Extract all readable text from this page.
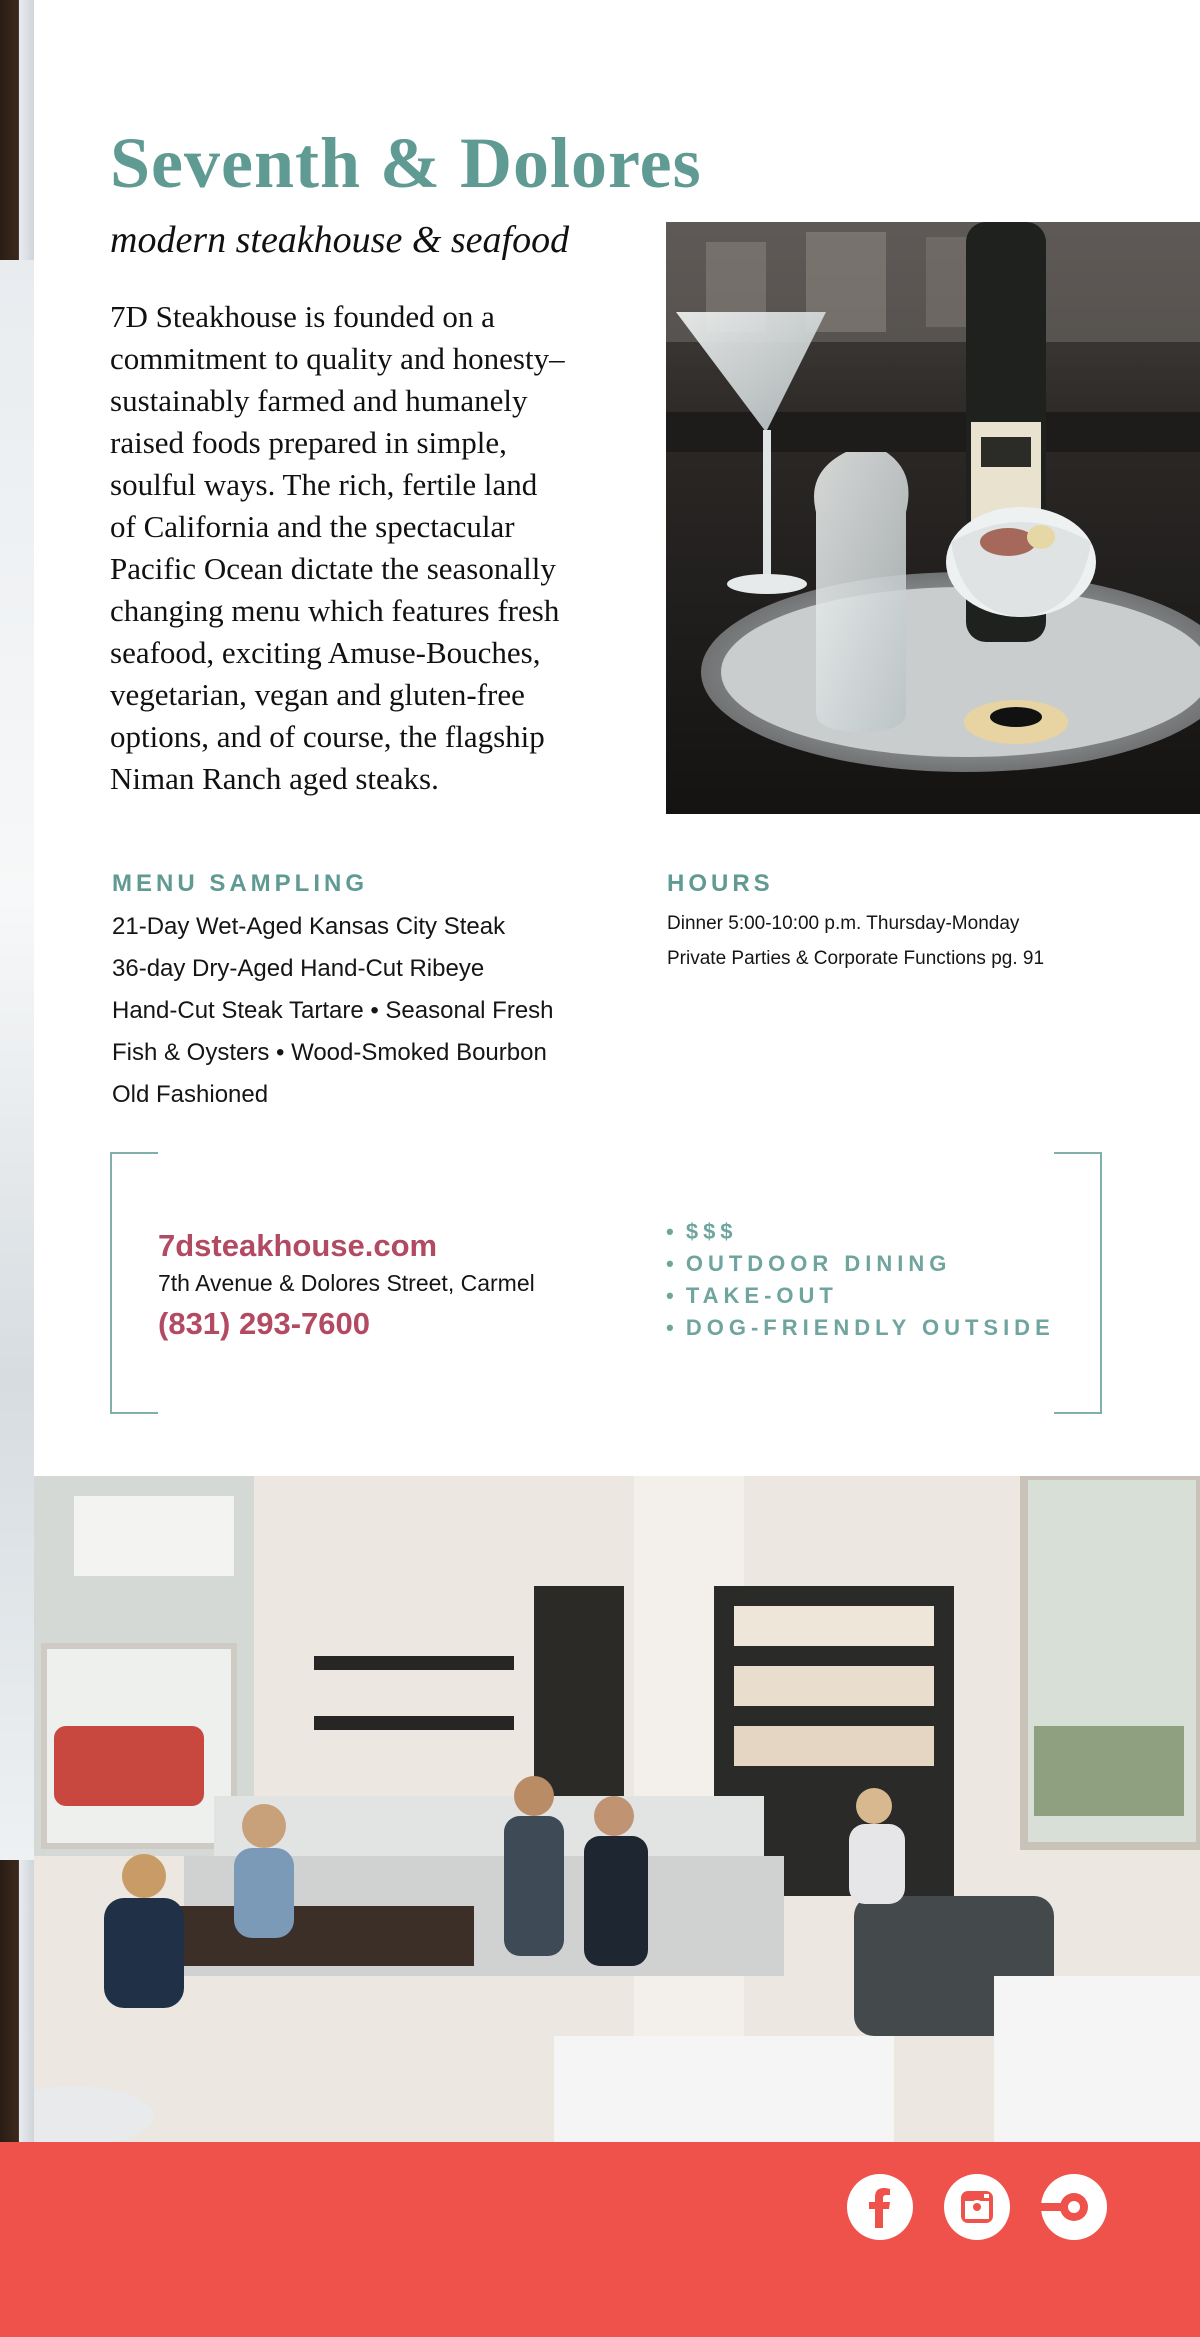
Seventh & Dolores
modern steakhouse & seafood
7D Steakhouse is founded on a
commitment to quality and honesty–
sustainably farmed and humanely
raised foods prepared in simple,
soulful ways. The rich, fertile land
of California and the spectacular
Pacific Ocean dictate the seasonally
changing menu which features fresh
seafood, exciting Amuse-Bouches,
vegetarian, vegan and gluten-free
options, and of course, the flagship
Niman Ranch aged steaks.
MENU SAMPLING
21-Day Wet-Aged Kansas City Steak
36-day Dry-Aged Hand-Cut Ribeye
Hand-Cut Steak Tartare • Seasonal Fresh
Fish & Oysters • Wood-Smoked Bourbon
Old Fashioned
HOURS
Dinner 5:00-10:00 p.m. Thursday-Monday
Private Parties & Corporate Functions pg. 91
7dsteakhouse.com
7th Avenue & Dolores Street, Carmel
(831) 293-7600
• $$$
• OUTDOOR DINING
• TAKE-OUT
• DOG-FRIENDLY OUTSIDE
